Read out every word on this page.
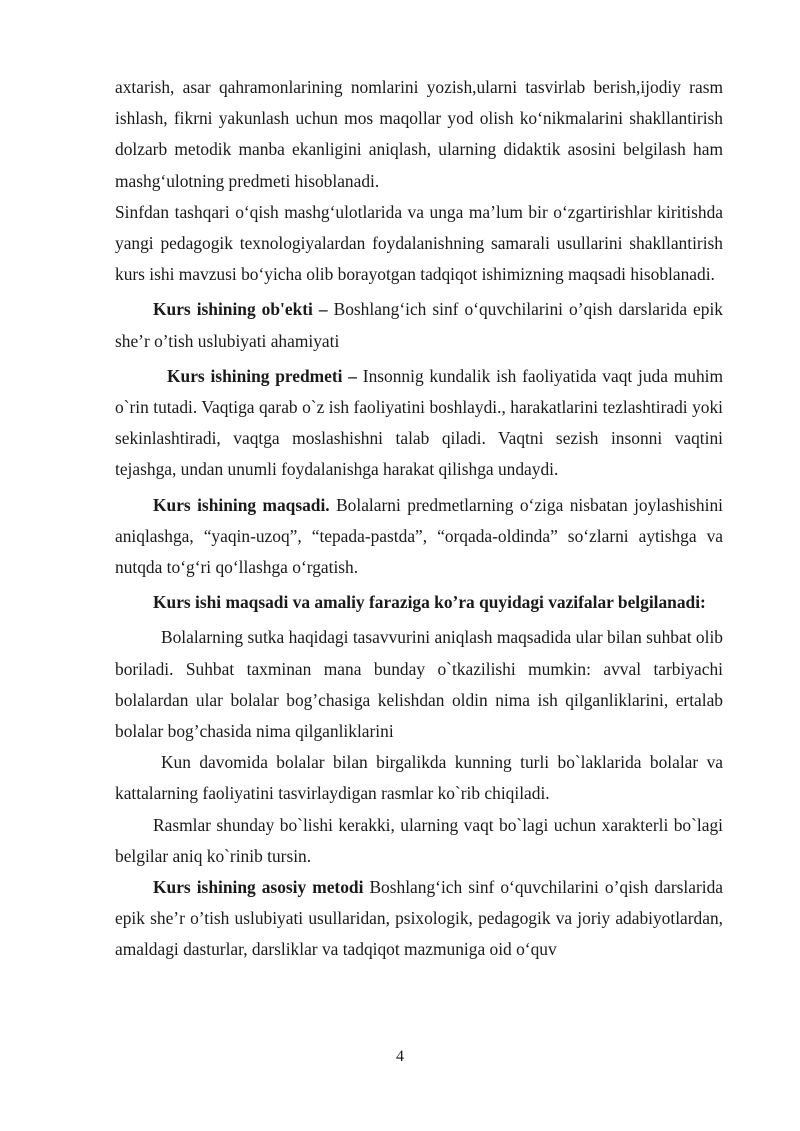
axtarish, asar qahramonlarining nomlarini yozish,ularni tasvirlab berish,ijodiy rasm ishlash, fikrni yakunlash uchun mos maqollar yod olish koʻnikmalarini shakllantirish dolzarb metodik manba ekanligini aniqlash, ularning didaktik asosini belgilash ham mashgʻulotning predmeti hisoblanadi.

Sinfdan tashqari oʻqish mashgʻulotlarida va unga ma’lum bir oʻzgartirishlar kiritishda yangi pedagogik texnologiyalardan foydalanishning samarali usullarini shakllantirish kurs ishi mavzusi boʻyicha olib borayotgan tadqiqot ishimizning maqsadi hisoblanadi.

Kurs ishining ob'ekti – Boshlangʻich sinf oʻquvchilarini o’qish darslarida epik she’r o’tish uslubiyati ahamiyati

Kurs ishining predmeti – Insonnig kundalik ish faoliyatida vaqt juda muhim o`rin tutadi. Vaqtiga qarab o`z ish faoliyatini boshlaydi., harakatlarini tezlashtiradi yoki sekinlashtiradi, vaqtga moslashishni talab qiladi. Vaqtni sezish insonni vaqtini tejashga, undan unumli foydalanishga harakat qilishga undaydi.

Kurs ishining maqsadi. Bolalarni predmetlarning oʻziga nisbatan joylashishini aniqlashga, “yaqin-uzoq”, “tepada-pastda”, “orqada-oldinda” soʻzlarni aytishga va nutqda toʻgʻri qoʻllashga oʻrgatish.

Kurs ishi maqsadi va amaliy faraziga ko’ra quyidagi vazifalar belgilanadi:

Bolalarning sutka haqidagi tasavvurini aniqlash maqsadida ular bilan suhbat olib boriladi. Suhbat taxminan mana bunday o`tkazilishi mumkin: avval tarbiyachi bolalardan ular bolalar bog’chasiga kelishdan oldin nima ish qilganliklarini, ertalab bolalar bog’chasida nima qilganliklarini

Kun davomida bolalar bilan birgalikda kunning turli bo`laklarida bolalar va kattalarning faoliyatini tasvirlaydigan rasmlar ko`rib chiqiladi.

Rasmlar shunday bo`lishi kerakki, ularning vaqt bo`lagi uchun xarakterli bo`lagi belgilar aniq ko`rinib tursin.

Kurs ishining asosiy metodi Boshlangʻich sinf oʻquvchilarini o’qish darslarida epik she’r o’tish uslubiyati usullaridan, psixologik, pedagogik va joriy adabiyotlardan, amaldagi dasturlar, darsliklar va tadqiqot mazmuniga oid oʻquv

4
